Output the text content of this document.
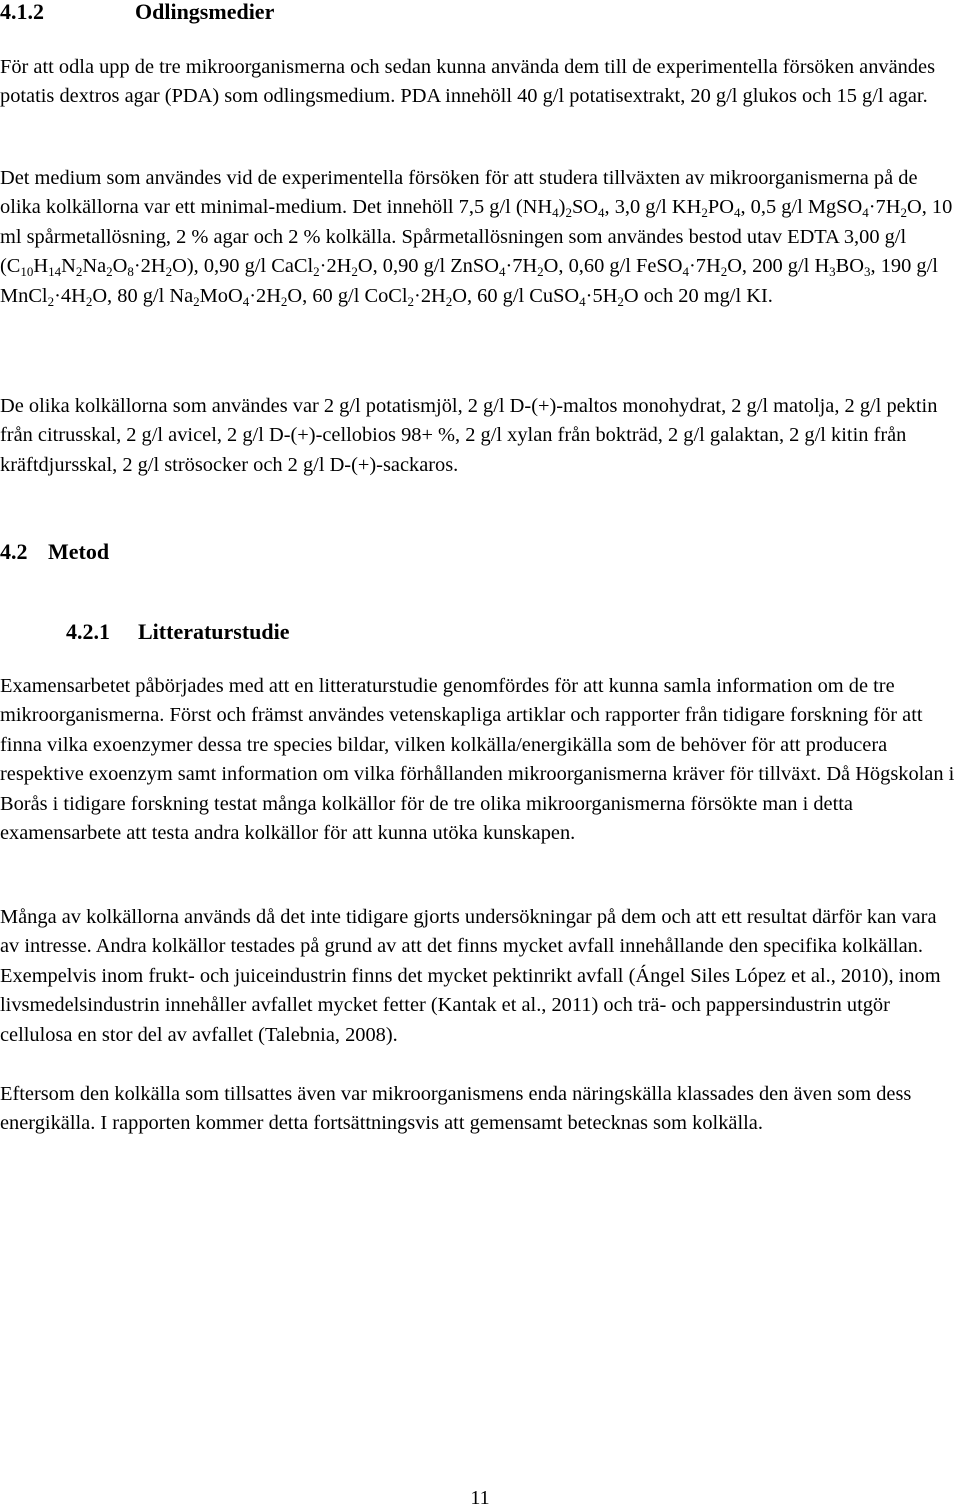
4.1.2	Odlingsmedier

För att odla upp de tre mikroorganismerna och sedan kunna använda dem till de experimentella försöken användes potatis dextros agar (PDA) som odlingsmedium. PDA innehöll 40 g/l potatisextrakt, 20 g/l glukos och 15 g/l agar.

Det medium som användes vid de experimentella försöken för att studera tillväxten av mikroorganismerna på de olika kolkällorna var ett minimal-medium. Det innehöll 7,5 g/l $(NH_4)_2SO_4$, 3,0 g/l $KH_2PO_4$, 0,5 g/l $MgSO_4\cdot 7H_2O$, 10 ml spårmetallösning, 2 % agar och 2 % kolkälla. Spårmetallösningen som användes bestod utav EDTA 3,00 g/l $(C_{10}H_{14}N_2Na_2O_8\cdot 2H_2O)$, 0,90 g/l $CaCl_2\cdot 2H_2O$, 0,90 g/l $ZnSO_4\cdot 7H_2O$, 0,60 g/l $FeSO_4\cdot 7H_2O$, 200 g/l $H_3BO_3$, 190 g/l $MnCl_2\cdot 4H_2O$, 80 g/l $Na_2MoO_4\cdot 2H_2O$, 60 g/l $CoCl_2\cdot 2H_2O$, 60 g/l $CuSO_4\cdot 5H_2O$ och 20 mg/l KI.

De olika kolkällorna som användes var 2 g/l potatismjöl, 2 g/l D-(+)-maltos monohydrat, 2 g/l matolja, 2 g/l pektin från citrusskal, 2 g/l avicel, 2 g/l D-(+)-cellobios 98+ %, 2 g/l xylan från bokträd, 2 g/l galaktan, 2 g/l kitin från kräftdjursskal, 2 g/l strösocker och 2 g/l D-(+)-sackaros.

4.2 Metod
4.2.1 Litteraturstudie

Examensarbetet påbörjades med att en litteraturstudie genomfördes för att kunna samla information om de tre mikroorganismerna. Först och främst användes vetenskapliga artiklar och rapporter från tidigare forskning för att finna vilka exoenzymer dessa tre species bildar, vilken kolkälla/energikälla som de behöver för att producera respektive exoenzym samt information om vilka förhållanden mikroorganismerna kräver för tillväxt. Då Högskolan i Borås i tidigare forskning testat många kolkällor för de tre olika mikroorganismerna försökte man i detta examensarbete att testa andra kolkällor för att kunna utöka kunskapen.

Många av kolkällorna används då det inte tidigare gjorts undersökningar på dem och att ett resultat därför kan vara av intresse. Andra kolkällor testades på grund av att det finns mycket avfall innehållande den specifika kolkällan. Exempelvis inom frukt- och juiceindustrin finns det mycket pektinrikt avfall (Ángel Siles López et al., 2010), inom livsmedelsindustrin innehåller avfallet mycket fetter (Kantak et al., 2011) och trä- och pappersindustrin utgör cellulosa en stor del av avfallet (Talebnia, 2008).

Eftersom den kolkälla som tillsattes även var mikroorganismens enda näringskälla klassades den även som dess energikälla. I rapporten kommer detta fortsättningsvis att gemensamt betecknas som kolkälla.

11
